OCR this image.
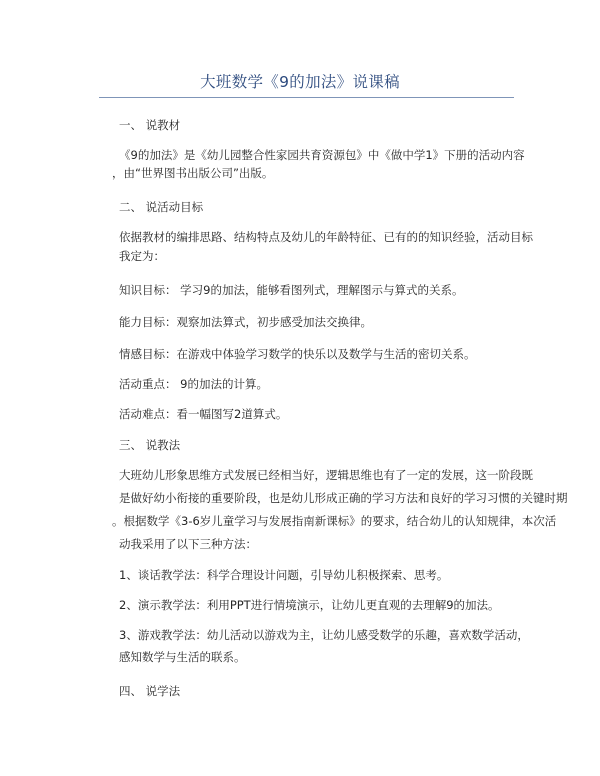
大班数学《9的加法》说课稿
一、 说教材
《9的加法》是《幼儿园整合性家园共育资源包》中《做中学1》下册的活动内容
，由“世界图书出版公司”出版。
二、 说活动目标
依据教材的编排思路、结构特点及幼儿的年龄特征、已有的的知识经验，活动目标
我定为：
知识目标： 学习9的加法，能够看图列式，理解图示与算式的关系。
能力目标：观察加法算式，初步感受加法交换律。
情感目标：在游戏中体验学习数学的快乐以及数学与生活的密切关系。
活动重点： 9的加法的计算。
活动难点：看一幅图写2道算式。
三、 说教法
大班幼儿形象思维方式发展已经相当好，逻辑思维也有了一定的发展，这一阶段既
是做好幼小衔接的重要阶段，也是幼儿形成正确的学习方法和良好的学习习惯的关键时期
。根据数学《3-6岁儿童学习与发展指南新课标》的要求，结合幼儿的认知规律，本次活
动我采用了以下三种方法：
1、谈话教学法：科学合理设计问题，引导幼儿积极探索、思考。
2、演示教学法：利用PPT进行情境演示，让幼儿更直观的去理解9的加法。
3、游戏教学法：幼儿活动以游戏为主，让幼儿感受数学的乐趣，喜欢数学活动，
感知数学与生活的联系。
四、 说学法
